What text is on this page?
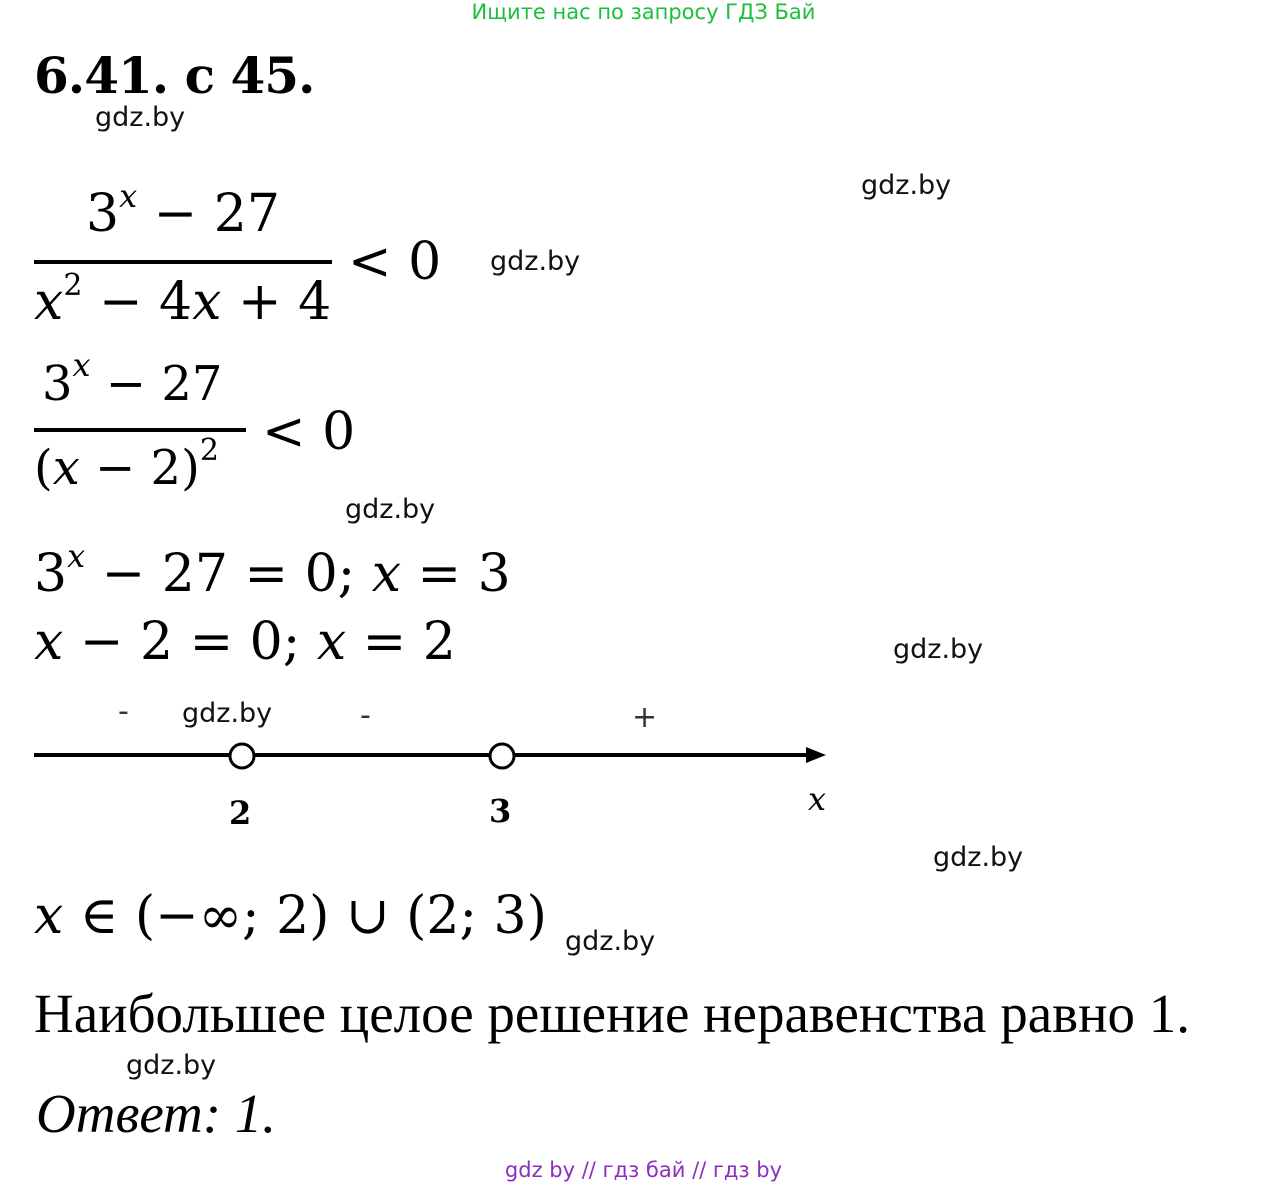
Ищите нас по запросу ГДЗ Бай
6.41. с 45.
gdz.by
gdz.by
gdz.by
gdz.by
gdz.by
gdz.by
gdz.by
gdz.by
gdz.by
$3^x - 27$
$x^2 - 4x + 4$
< 0
$3^x - 27$
$(x - 2)^2 < 0$
$3^x - 27 = 0$; x = 3
x − 2 = 0; x = 2
-	-	+
2	3	x
x ∈ (−∞; 2) ∪ (2; 3)
Наибольшее целое решение неравенства равно 1.
Ответ: 1.
gdz by // гдз бай // гдз by
